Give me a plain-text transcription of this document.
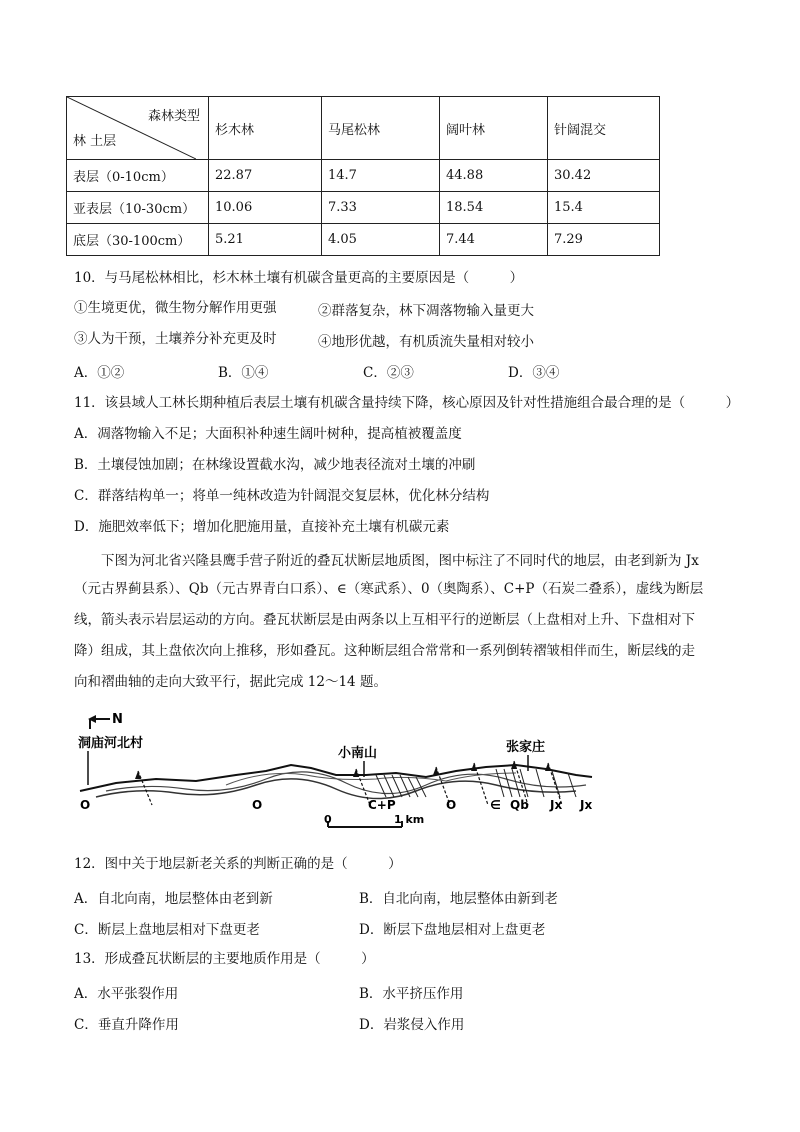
森林类型
林 土层	杉木林	马尾松林	阔叶林	针阔混交
表层（0-10cm）	22.87	14.7	44.88	30.42
亚表层（10-30cm）	10.06	7.33	18.54	15.4
底层（30-100cm）	5.21	4.05	7.44	7.29
10．与马尾松林相比，杉木林土壤有机碳含量更高的主要原因是（　　　）
①生境更优，微生物分解作用更强	②群落复杂，林下凋落物输入量更大
③人为干预，土壤养分补充更及时	④地形优越，有机质流失量相对较小
A．①②	B．①④	C．②③	D．③④
11．该县域人工林长期种植后表层土壤有机碳含量持续下降，核心原因及针对性措施组合最合理的是（　　　）
A．凋落物输入不足；大面积补种速生阔叶树种，提高植被覆盖度
B．土壤侵蚀加剧；在林缘设置截水沟，减少地表径流对土壤的冲刷
C．群落结构单一；将单一纯林改造为针阔混交复层林，优化林分结构
D．施肥效率低下；增加化肥施用量，直接补充土壤有机碳元素
下图为河北省兴隆县鹰手营子附近的叠瓦状断层地质图，图中标注了不同时代的地层，由老到新为 Jx
（元古界蓟县系）、Qb（元古界青白口系）、∈（寒武系）、0（奥陶系）、C+P（石炭二叠系），虚线为断层
线，箭头表示岩层运动的方向。叠瓦状断层是由两条以上互相平行的逆断层（上盘相对上升、下盘相对下
降）组成，其上盘依次向上推移，形如叠瓦。这种断层组合常常和一系列倒转褶皱相伴而生，断层线的走
向和褶曲轴的走向大致平行，据此完成 12～14 题。
N
洞庙河北村
小南山	张家庄
O	O	C+P	O	∈ Qb Jx Jx
0	1 km
12．图中关于地层新老关系的判断正确的是（　　　）
A．自北向南，地层整体由老到新	B．自北向南，地层整体由新到老
C．断层上盘地层相对下盘更老	D．断层下盘地层相对上盘更老
13．形成叠瓦状断层的主要地质作用是（　　　）
A．水平张裂作用	B．水平挤压作用
C．垂直升降作用	D．岩浆侵入作用
